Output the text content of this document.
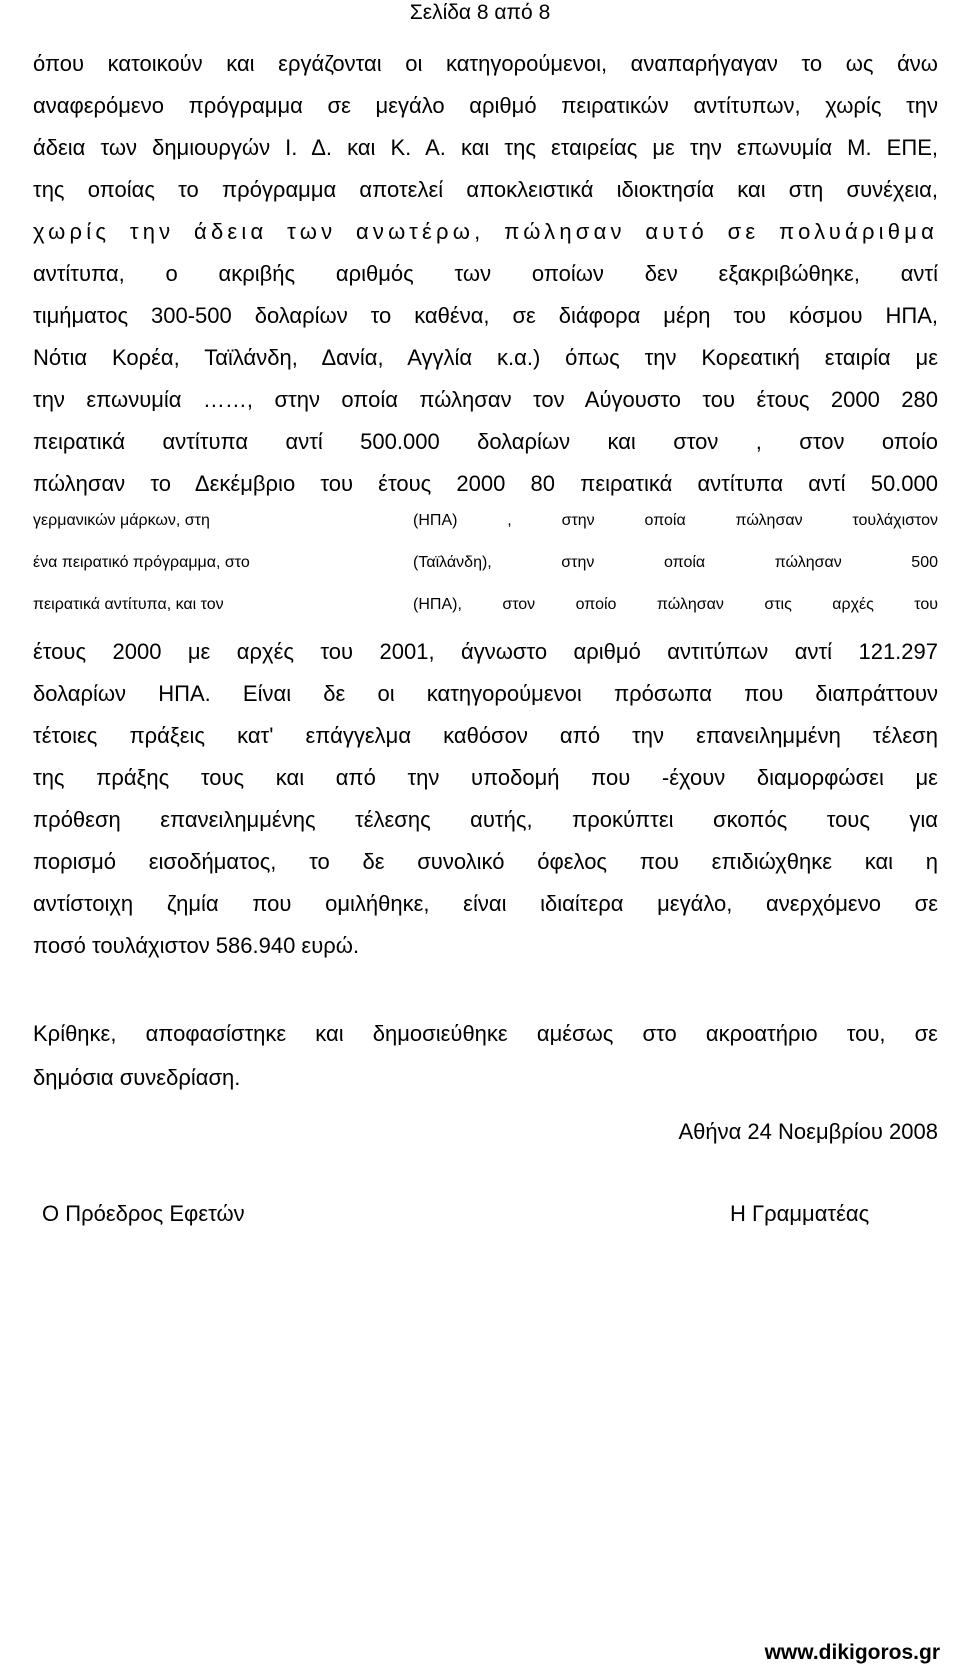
Σελίδα 8 από 8
όπου κατοικούν και εργάζονται οι κατηγορούμενοι, αναπαρήγαγαν το ως άνω
αναφερόμενο πρόγραμμα σε μεγάλο αριθμό πειρατικών αντίτυπων, χωρίς την
άδεια των δημιουργών Ι. Δ. και Κ. Α. και της εταιρείας με την επωνυμία Μ. ΕΠΕ,
της οποίας το πρόγραμμα αποτελεί αποκλειστικά ιδιοκτησία και στη συνέχεια,
χωρίς την άδεια των ανωτέρω, πώλησαν αυτό σε πολυάριθμα
αντίτυπα, ο ακριβής αριθμός των οποίων δεν εξακριβώθηκε, αντί
τιμήματος 300-500 δολαρίων το καθένα, σε διάφορα μέρη του κόσμου ΗΠΑ,
Νότια Κορέα, Ταϊλάνδη, Δανία, Αγγλία κ.α.) όπως την Κορεατική εταιρία με
την επωνυμία ……, στην οποία πώλησαν τον Αύγουστο του έτους 2000 280
πειρατικά αντίτυπα αντί 500.000 δολαρίων και στον , στον οποίο
πώλησαν το Δεκέμβριο του έτους 2000 80 πειρατικά αντίτυπα αντί 50.000
γερμανικών μάρκων, στη	(ΗΠΑ) , στην οποία πώλησαν τουλάχιστον
ένα πειρατικό πρόγραμμα, στο	(Ταϊλάνδη), στην οποία πώλησαν 500
πειρατικά αντίτυπα, και τον	(ΗΠΑ), στον οποίο πώλησαν στις αρχές του
έτους 2000 με αρχές του 2001, άγνωστο αριθμό αντιτύπων αντί 121.297
δολαρίων ΗΠΑ. Είναι δε οι κατηγορούμενοι πρόσωπα που διαπράττουν
τέτοιες πράξεις κατ' επάγγελμα καθόσον από την επανειλημμένη τέλεση
της πράξης τους και από την υποδομή που -έχουν διαμορφώσει με
πρόθεση επανειλημμένης τέλεσης αυτής, προκύπτει σκοπός τους για
πορισμό εισοδήματος, το δε συνολικό όφελος που επιδιώχθηκε και η
αντίστοιχη ζημία που ομιλήθηκε, είναι ιδιαίτερα μεγάλο, ανερχόμενο σε
ποσό τουλάχιστον 586.940 ευρώ.
Κρίθηκε, αποφασίστηκε και δημοσιεύθηκε αμέσως στο ακροατήριο του, σε
δημόσια συνεδρίαση.
Αθήνα 24 Νοεμβρίου 2008
Ο Πρόεδρος Εφετών	Η Γραμματέας
www.dikigoros.gr
